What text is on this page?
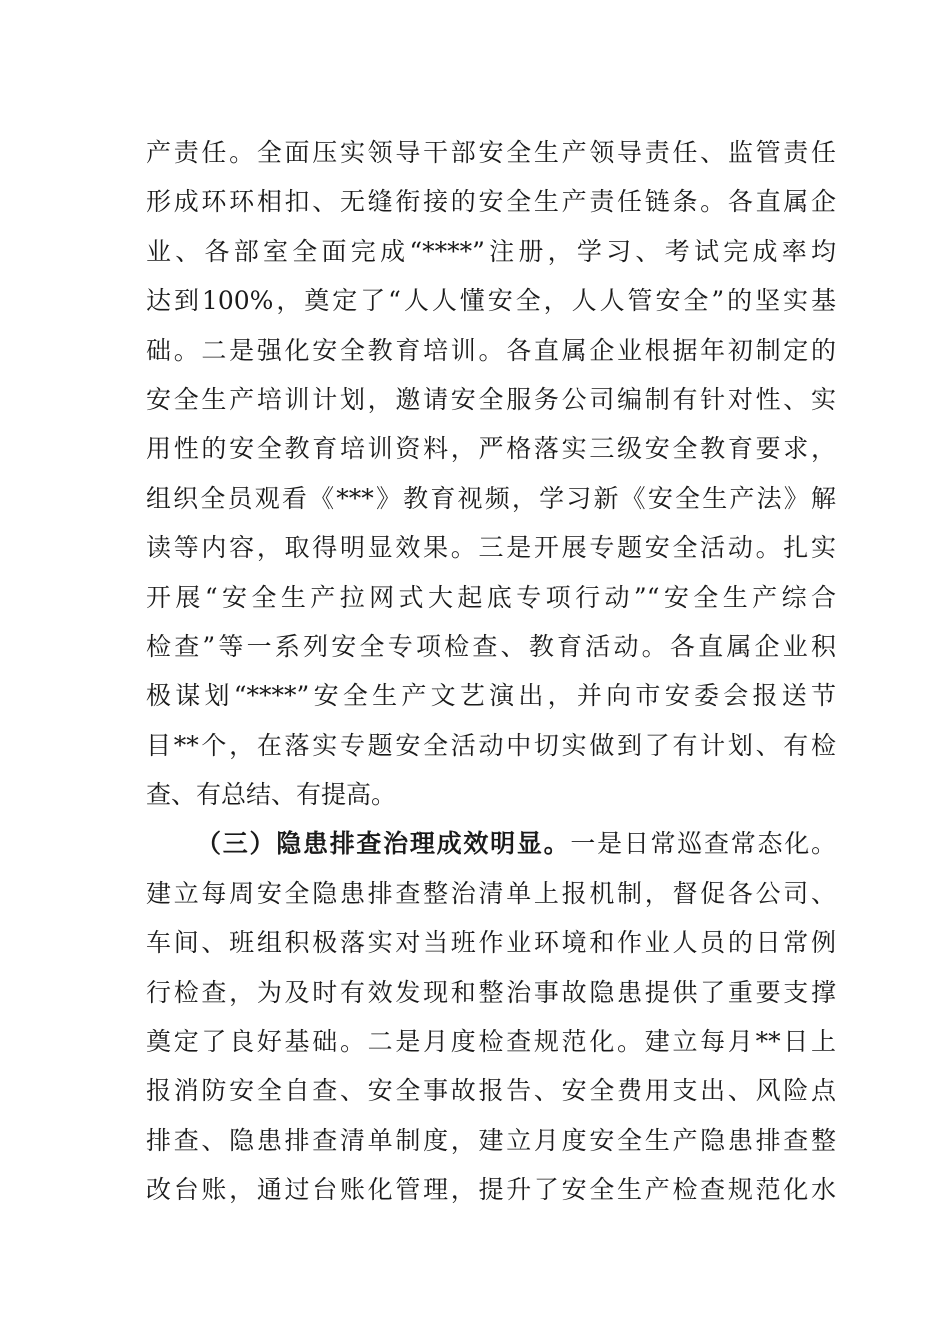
产责任。全面压实领导干部安全生产领导责任、监管责任
形成环环相扣、无缝衔接的安全生产责任链条。各直属企
业、各部室全面完成“****”注册，学习、考试完成率均
达到100%，奠定了“人人懂安全，人人管安全”的坚实基
础。二是强化安全教育培训。各直属企业根据年初制定的
安全生产培训计划，邀请安全服务公司编制有针对性、实
用性的安全教育培训资料，严格落实三级安全教育要求，
组织全员观看《***》教育视频，学习新《安全生产法》解
读等内容，取得明显效果。三是开展专题安全活动。扎实
开展“安全生产拉网式大起底专项行动”“安全生产综合
检查”等一系列安全专项检查、教育活动。各直属企业积
极谋划“****”安全生产文艺演出，并向市安委会报送节
目**个，在落实专题安全活动中切实做到了有计划、有检
查、有总结、有提高。
（三）隐患排查治理成效明显。一是日常巡查常态化。
建立每周安全隐患排查整治清单上报机制，督促各公司、
车间、班组积极落实对当班作业环境和作业人员的日常例
行检查，为及时有效发现和整治事故隐患提供了重要支撑
奠定了良好基础。二是月度检查规范化。建立每月**日上
报消防安全自查、安全事故报告、安全费用支出、风险点
排查、隐患排查清单制度，建立月度安全生产隐患排查整
改台账，通过台账化管理，提升了安全生产检查规范化水
